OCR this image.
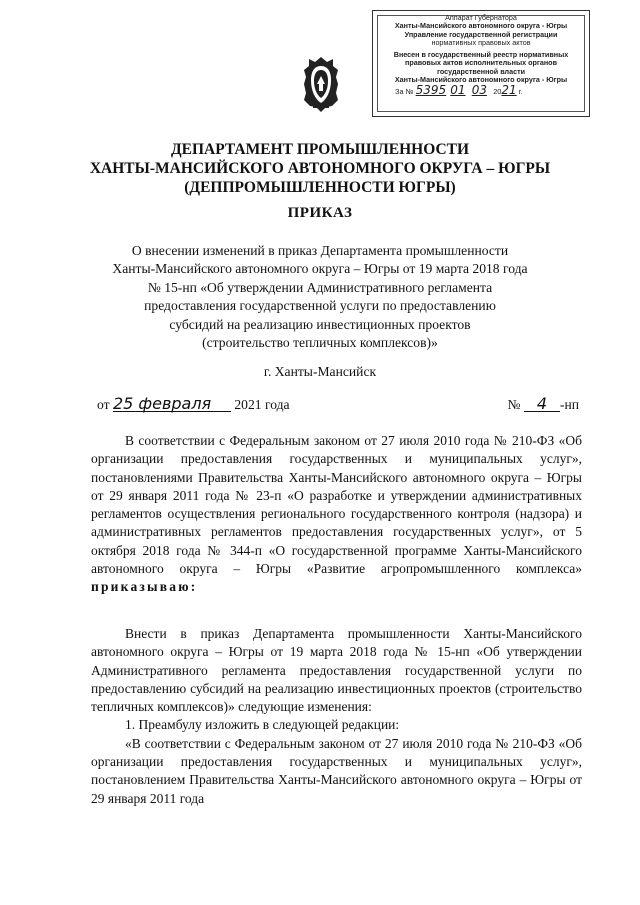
Аппарат Губернатора
Ханты-Мансийского автономного округа - Югры
Управление государственной регистрации
нормативных правовых актов
Внесен в государственный реестр нормативных
правовых актов исполнительных органов
государственной власти
Ханты-Мансийского автономного округа - Югры
За № 5395 01 03 2021 г.
ДЕПАРТАМЕНТ ПРОМЫШЛЕННОСТИ
ХАНТЫ-МАНСИЙСКОГО АВТОНОМНОГО ОКРУГА – ЮГРЫ
(ДЕППРОМЫШЛЕННОСТИ ЮГРЫ)
ПРИКАЗ
О внесении изменений в приказ Департамента промышленности
Ханты-Мансийского автономного округа – Югры от 19 марта 2018 года
№ 15-нп «Об утверждении Административного регламента
предоставления государственной услуги по предоставлению
субсидий на реализацию инвестиционных проектов
(строительство тепличных комплексов)»
г. Ханты-Мансийск
от 25 февраля 2021 года	№ 4 -нп

В соответствии с Федеральным законом от 27 июля 2010 года № 210-ФЗ «Об организации предоставления государственных и муниципальных услуг», постановлениями Правительства Ханты-Мансийского автономного округа – Югры от 29 января 2011 года № 23-п «О разработке и утверждении административных регламентов осуществления регионального государственного контроля (надзора) и административных регламентов предоставления государственных услуг», от 5 октября 2018 года № 344-п «О государственной программе Ханты-Мансийского автономного округа – Югры «Развитие агропромышленного комплекса» приказываю:

Внести в приказ Департамента промышленности Ханты-Мансийского автономного округа – Югры от 19 марта 2018 года № 15-нп «Об утверждении Административного регламента предоставления государственной услуги по предоставлению субсидий на реализацию инвестиционных проектов (строительство тепличных комплексов)» следующие изменения:

1. Преамбулу изложить в следующей редакции:

«В соответствии с Федеральным законом от 27 июля 2010 года № 210-ФЗ «Об организации предоставления государственных и муниципальных услуг», постановлением Правительства Ханты-Мансийского автономного округа – Югры от 29 января 2011 года
